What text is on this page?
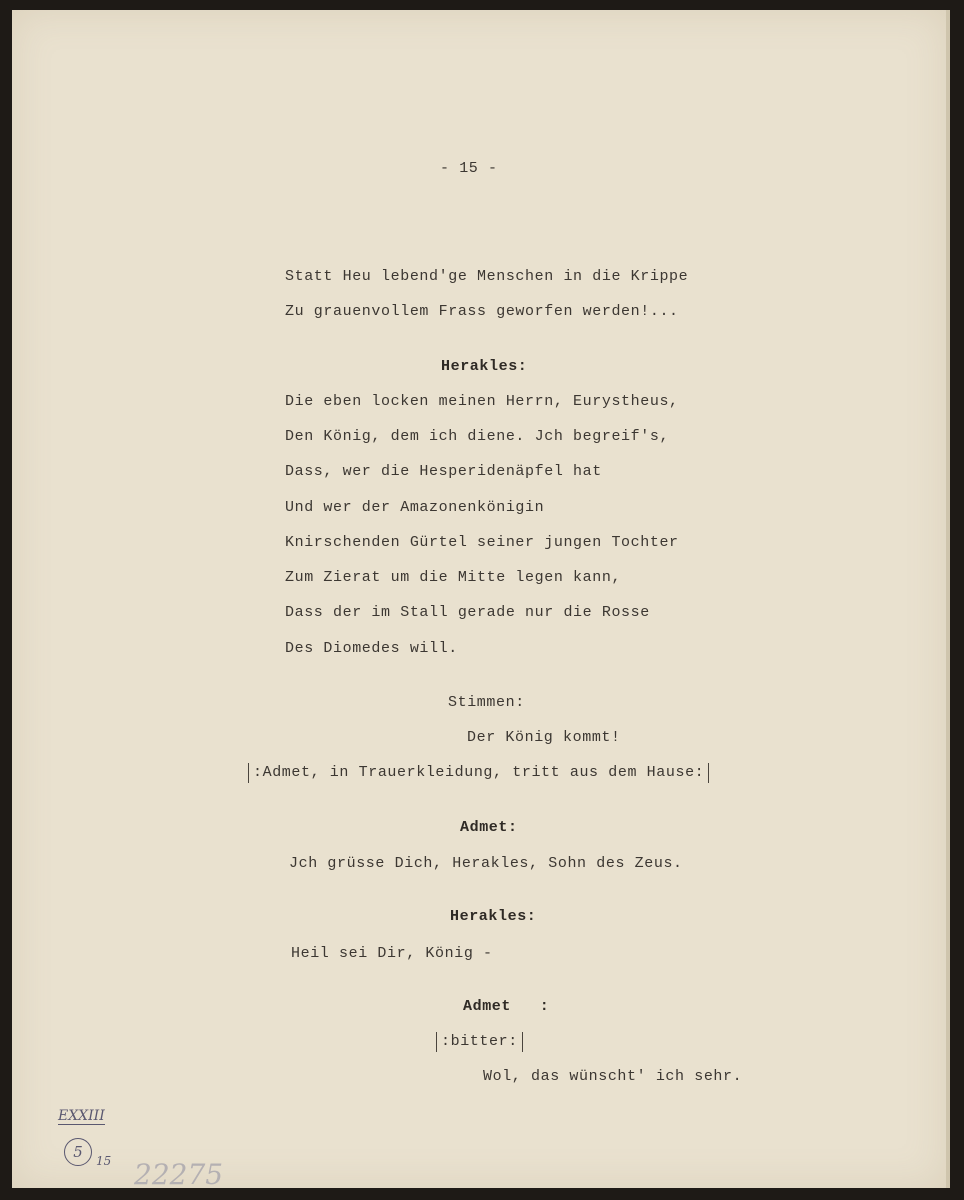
- 15 -
Statt Heu lebend'ge Menschen in die Krippe
Zu grauenvollem Frass geworfen werden!...
Herakles:
Die eben locken meinen Herrn, Eurystheus,
Den König, dem ich diene. Jch begreif's,
Dass, wer die Hesperidenäpfel hat
Und wer der Amazonenkönigin
Knirschenden Gürtel seiner jungen Tochter
Zum Zierat um die Mitte legen kann,
Dass der im Stall gerade nur die Rosse
Des Diomedes will.
Stimmen:
Der König kommt!
:Admet, in Trauerkleidung, tritt aus dem Hause:
Admet:
Jch grüsse Dich, Herakles, Sohn des Zeus.
Herakles:
Heil sei Dir, König -
Admet   :
:bitter:
Wol, das wünscht' ich sehr.
EXXIII
5	15 22275
